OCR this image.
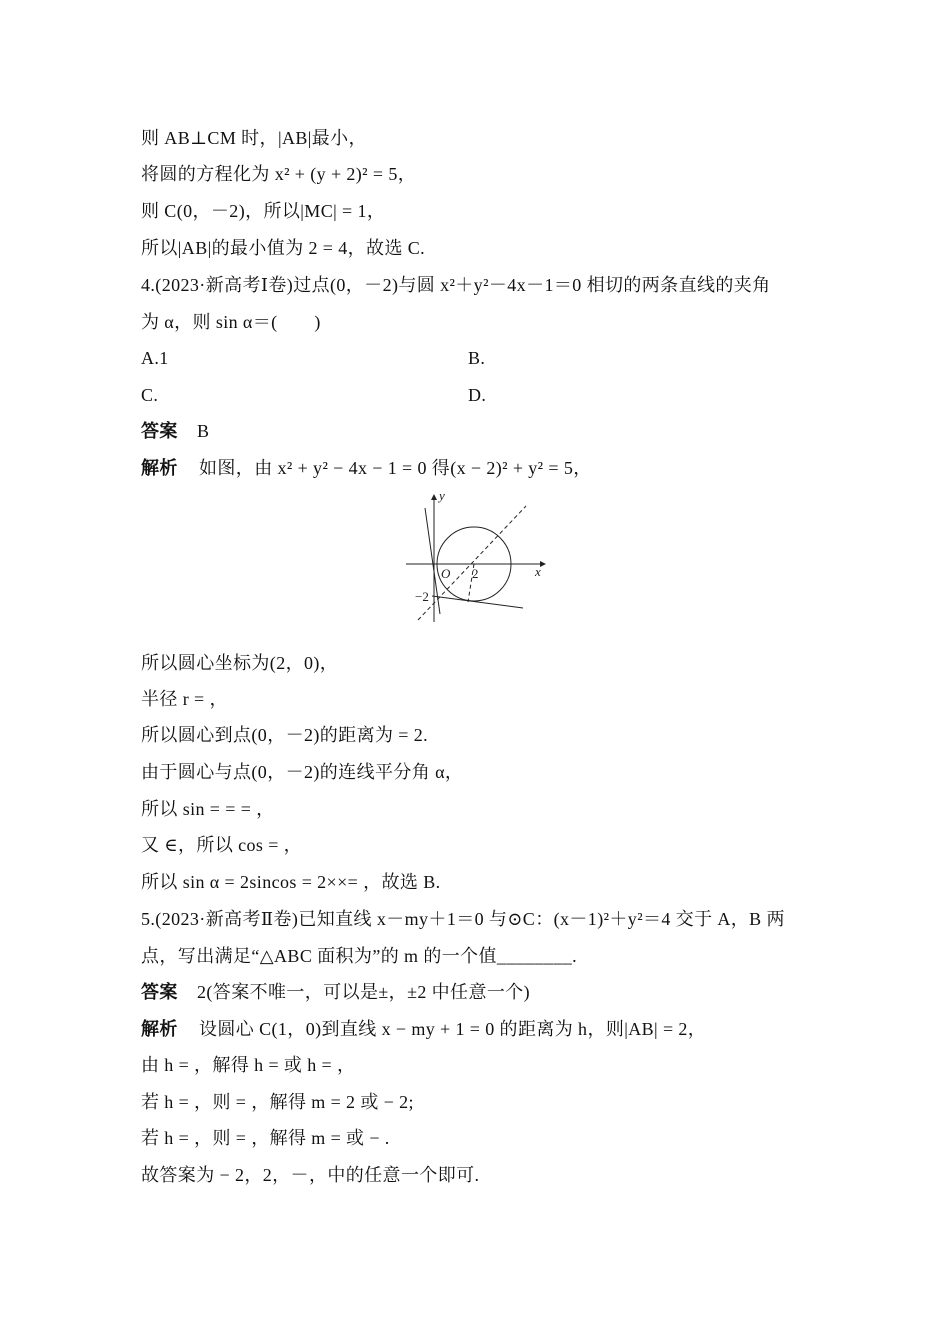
则 AB⊥CM 时，|AB|最小，
将圆的方程化为 x² + (y + 2)² = 5，
则 C(0，－2)，所以|MC| = 1，
所以|AB|的最小值为 2 = 4，故选 C.
4.(2023·新高考Ⅰ卷)过点(0，－2)与圆 x²＋y²－4x－1＝0 相切的两条直线的夹角
为 α，则 sin α＝(　　)
A.1	B.
C.	D.
答案 B
解析 如图，由 x² + y² − 4x − 1 = 0 得(x − 2)² + y² = 5，
y
x
O 2
−2
所以圆心坐标为(2，0)，
半径 r = ，
所以圆心到点(0，－2)的距离为 = 2.
由于圆心与点(0，－2)的连线平分角 α，
所以 sin = = = ，
又 ∈，所以 cos = ，
所以 sin α = 2sincos = 2××= ，故选 B.
5.(2023·新高考Ⅱ卷)已知直线 x－my＋1＝0 与⊙C：(x－1)²＋y²＝4 交于 A，B 两
点，写出满足“△ABC 面积为”的 m 的一个值________.
答案 2(答案不唯一，可以是±，±2 中任意一个)
解析 设圆心 C(1，0)到直线 x − my + 1 = 0 的距离为 h，则|AB| = 2，
由 h = ，解得 h = 或 h = ，
若 h = ，则 = ，解得 m = 2 或 − 2;
若 h = ，则 = ，解得 m = 或 − .
故答案为 − 2，2，－，中的任意一个即可.
